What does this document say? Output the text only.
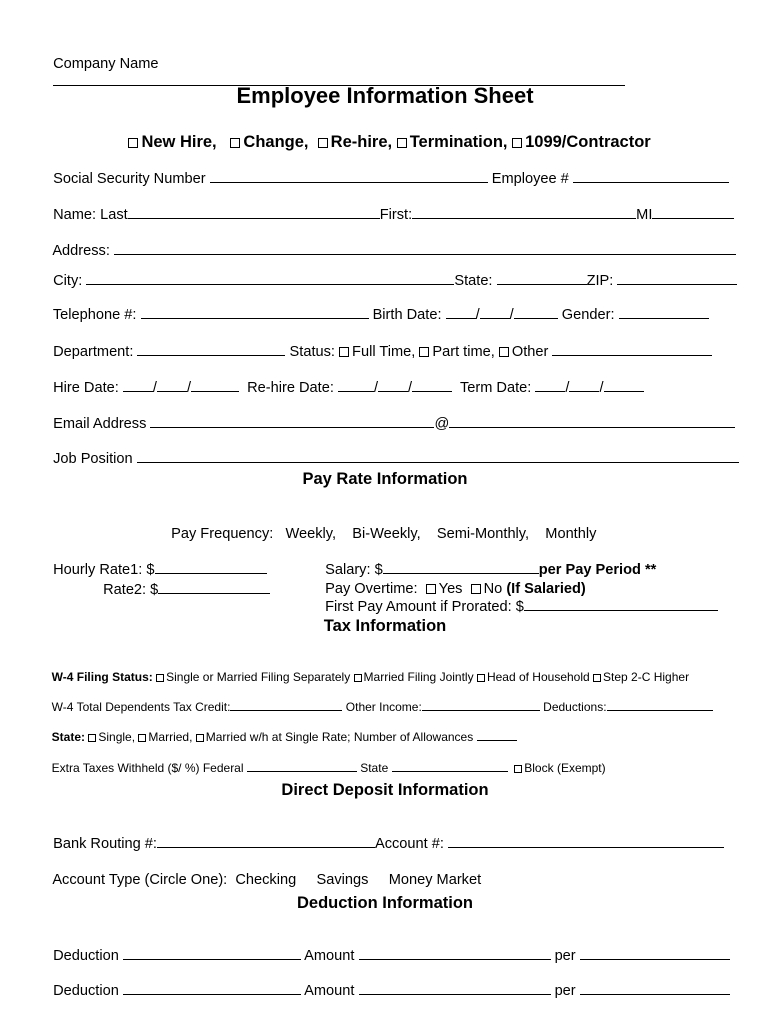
Company Name

Employee Information Sheet

New Hire, Change, Re-hire, Termination, 1099/Contractor

Social Security Number	Employee #

Name: Last	First:	MI

Address:

City:	State:	ZIP:

Telephone #:	Birth Date: / /	Gender:

Department:	Status: Full Time, Part time, Other

Hire Date: / /	Re-hire Date:	/ /	Term Date: / /

Email Address	@

Job Position

Pay Rate Information

Pay Frequency: Weekly, Bi-Weekly, Semi-Monthly, Monthly

Hourly Rate1: $

Rate2: $

Salary: $	per Pay Period **

Pay Overtime: Yes No (If Salaried)

First Pay Amount if Prorated: $

Tax Information

W-4 Filing Status: Single or Married Filing Separately Married Filing Jointly Head of Household Step 2-C Higher

W-4 Total Dependents Tax Credit:	Other Income:	Deductions:

State: Single, Married, Married w/h at Single Rate; Number of Allowances

Extra Taxes Withheld ($/ %) Federal	State	Block (Exempt)

Direct Deposit Information

Bank Routing #:	Account #:

Account Type (Circle One): Checking Savings Money Market

Deduction Information

Deduction	Amount	per

Deduction	Amount	per
